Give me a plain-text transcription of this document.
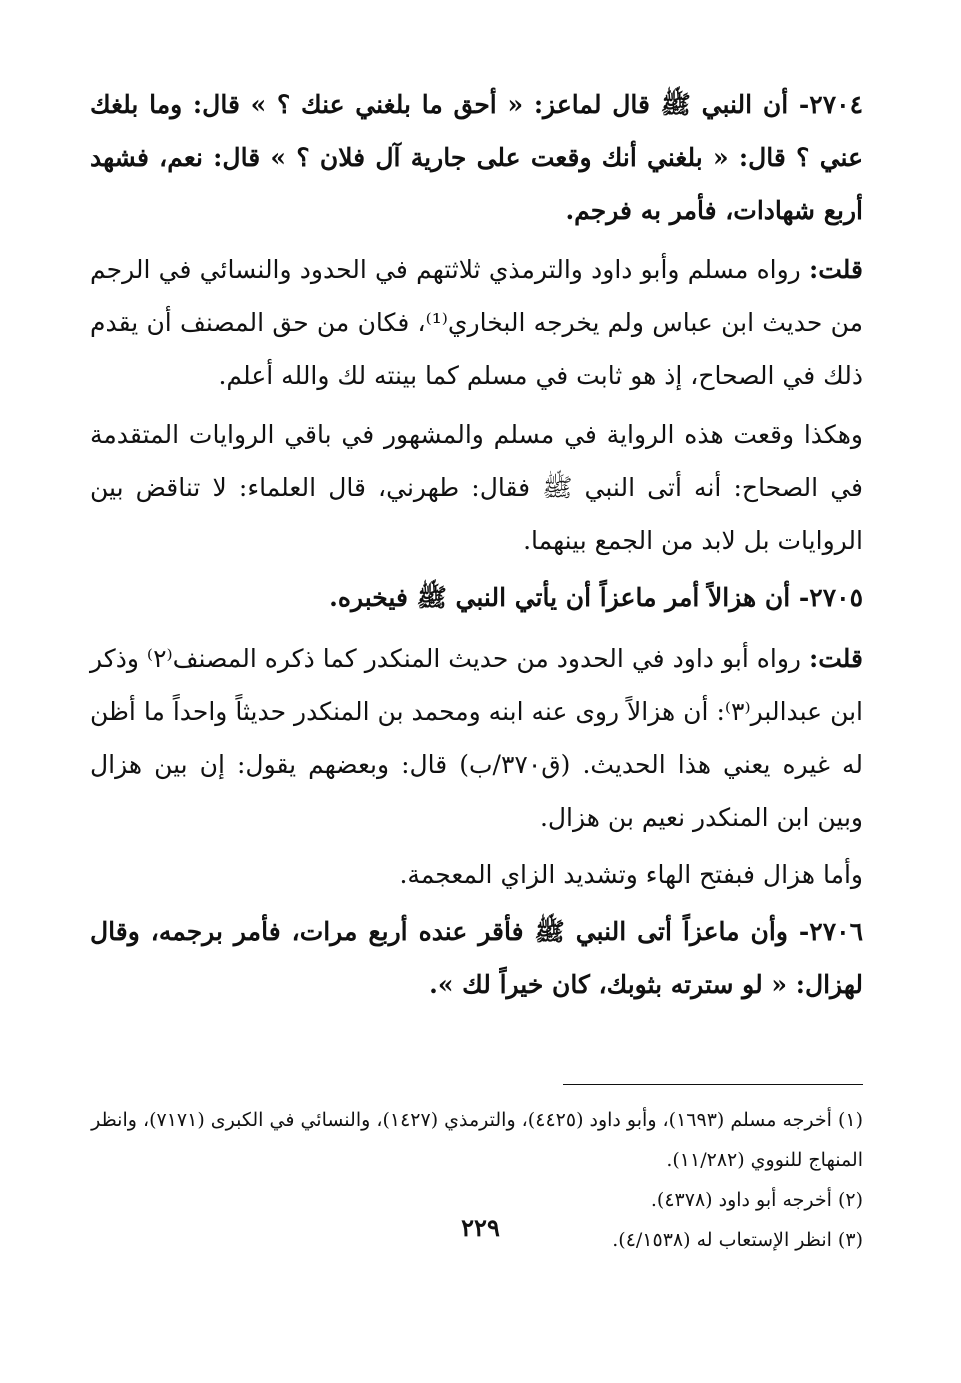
٢٧٠٤- أن النبي ﷺ قال لماعز: « أحق ما بلغني عنك ؟ » قال: وما بلغك عني ؟ قال: « بلغني أنك وقعت على جارية آل فلان ؟ » قال: نعم، فشهد أربع شهادات، فأمر به فرجم.

قلت: رواه مسلم وأبو داود والترمذي ثلاثتهم في الحدود والنسائي في الرجم من حديث ابن عباس ولم يخرجه البخاري⁽¹⁾، فكان من حق المصنف أن يقدم ذلك في الصحاح، إذ هو ثابت في مسلم كما بينته لك والله أعلم.

وهكذا وقعت هذه الرواية في مسلم والمشهور في باقي الروايات المتقدمة في الصحاح: أنه أتى النبي ﷺ فقال: طهرني، قال العلماء: لا تناقض بين الروايات بل لابد من الجمع بينهما.

٢٧٠٥- أن هزالاً أمر ماعزاً أن يأتي النبي ﷺ فيخبره.

قلت: رواه أبو داود في الحدود من حديث المنكدر كما ذكره المصنف⁽٢⁾ وذكر ابن عبدالبر⁽٣⁾: أن هزالاً روى عنه ابنه ومحمد بن المنكدر حديثاً واحداً ما أظن له غيره يعني هذا الحديث. (ق٣٧٠/ب) قال: وبعضهم يقول: إن بين هزال وبين ابن المنكدر نعيم بن هزال.

وأما هزال فبفتح الهاء وتشديد الزاي المعجمة.

٢٧٠٦- وأن ماعزاً أتى النبي ﷺ فأقر عنده أربع مرات، فأمر برجمه، وقال لهزال: « لو سترته بثوبك، كان خيراً لك ».

(١) أخرجه مسلم (١٦٩٣)، وأبو داود (٤٤٢٥)، والترمذي (١٤٢٧)، والنسائي في الكبرى (٧١٧١)، وانظر المنهاج للنووي (١١/٢٨٢).

(٢) أخرجه أبو داود (٤٣٧٨).

(٣) انظر الإستعاب له (٤/١٥٣٨).

٢٢٩
